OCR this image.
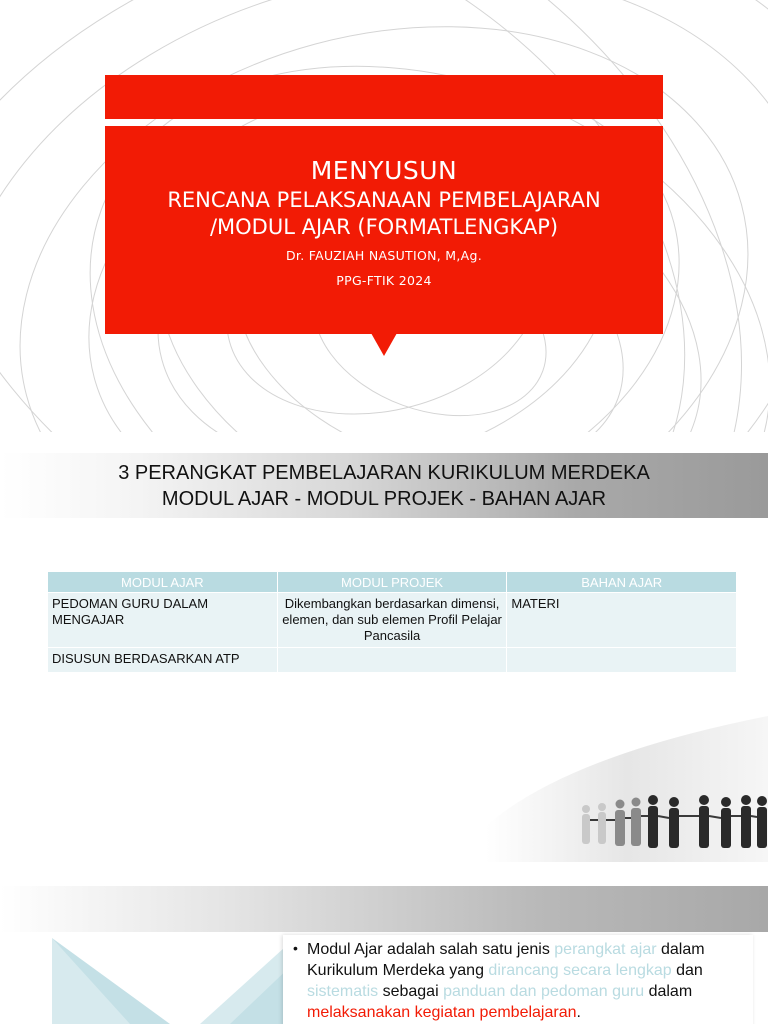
MENYUSUN
RENCANA PELAKSANAAN PEMBELAJARAN
/MODUL AJAR (FORMATLENGKAP)
Dr. FAUZIAH NASUTION, M,Ag.
PPG-FTIK 2024
3 PERANGKAT PEMBELAJARAN KURIKULUM MERDEKA
MODUL AJAR - MODUL PROJEK - BAHAN AJAR
MODUL AJAR	MODUL PROJEK	BAHAN AJAR
PEDOMAN GURU DALAM MENGAJAR	Dikembangkan berdasarkan dimensi, elemen, dan sub elemen Profil Pelajar Pancasila	MATERI
DISUSUN BERDASARKAN ATP		
• Modul Ajar adalah salah satu jenis perangkat ajar dalam Kurikulum Merdeka yang dirancang secara lengkap dan sistematis sebagai panduan dan pedoman guru dalam melaksanakan kegiatan pembelajaran.
